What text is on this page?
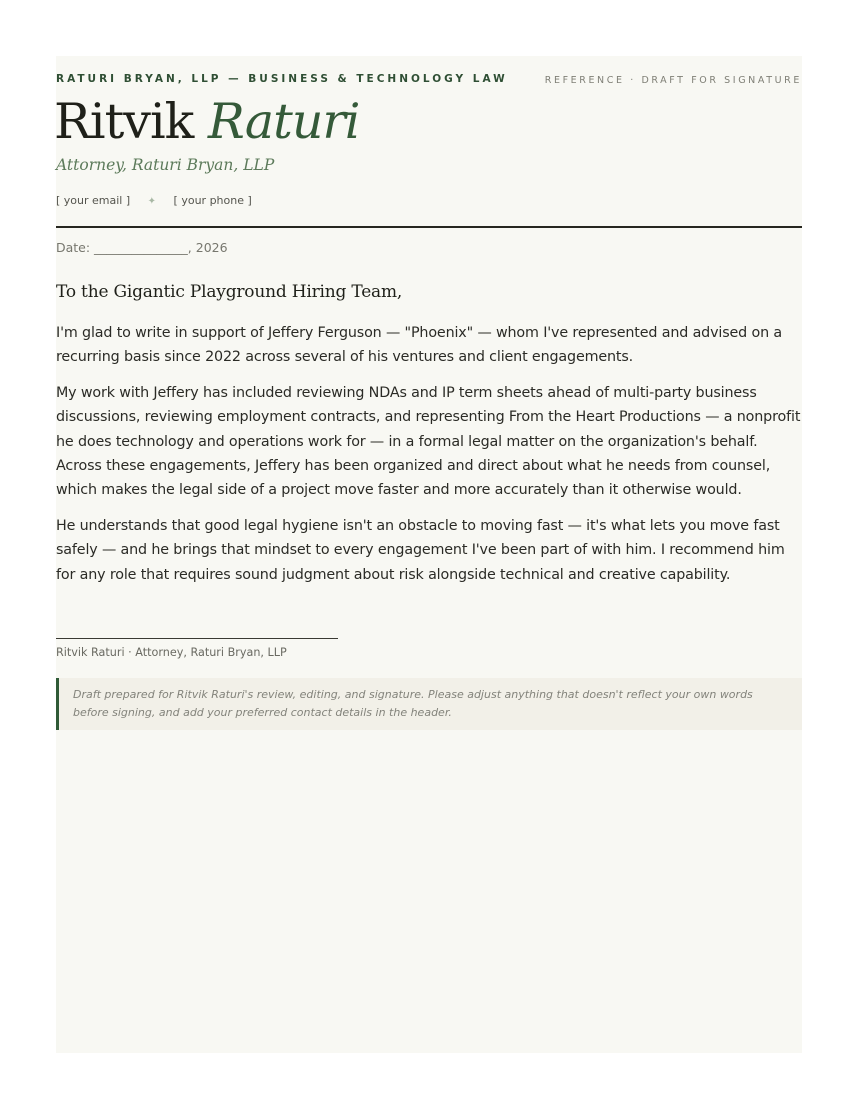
RATURI BRYAN, LLP — BUSINESS & TECHNOLOGY LAW	REFERENCE · DRAFT FOR SIGNATURE
Ritvik Raturi
Attorney, Raturi Bryan, LLP
[ your email ] ✦ [ your phone ]
Date: _______________, 2026
To the Gigantic Playground Hiring Team,

I'm glad to write in support of Jeffery Ferguson — "Phoenix" — whom I've represented and advised on a recurring basis since 2022 across several of his ventures and client engagements.

My work with Jeffery has included reviewing NDAs and IP term sheets ahead of multi-party business discussions, reviewing employment contracts, and representing From the Heart Productions — a nonprofit he does technology and operations work for — in a formal legal matter on the organization's behalf. Across these engagements, Jeffery has been organized and direct about what he needs from counsel, which makes the legal side of a project move faster and more accurately than it otherwise would.

He understands that good legal hygiene isn't an obstacle to moving fast — it's what lets you move fast safely — and he brings that mindset to every engagement I've been part of with him. I recommend him for any role that requires sound judgment about risk alongside technical and creative capability.

Ritvik Raturi · Attorney, Raturi Bryan, LLP
Draft prepared for Ritvik Raturi's review, editing, and signature. Please adjust anything that doesn't reflect your own words before signing, and add your preferred contact details in the header.
